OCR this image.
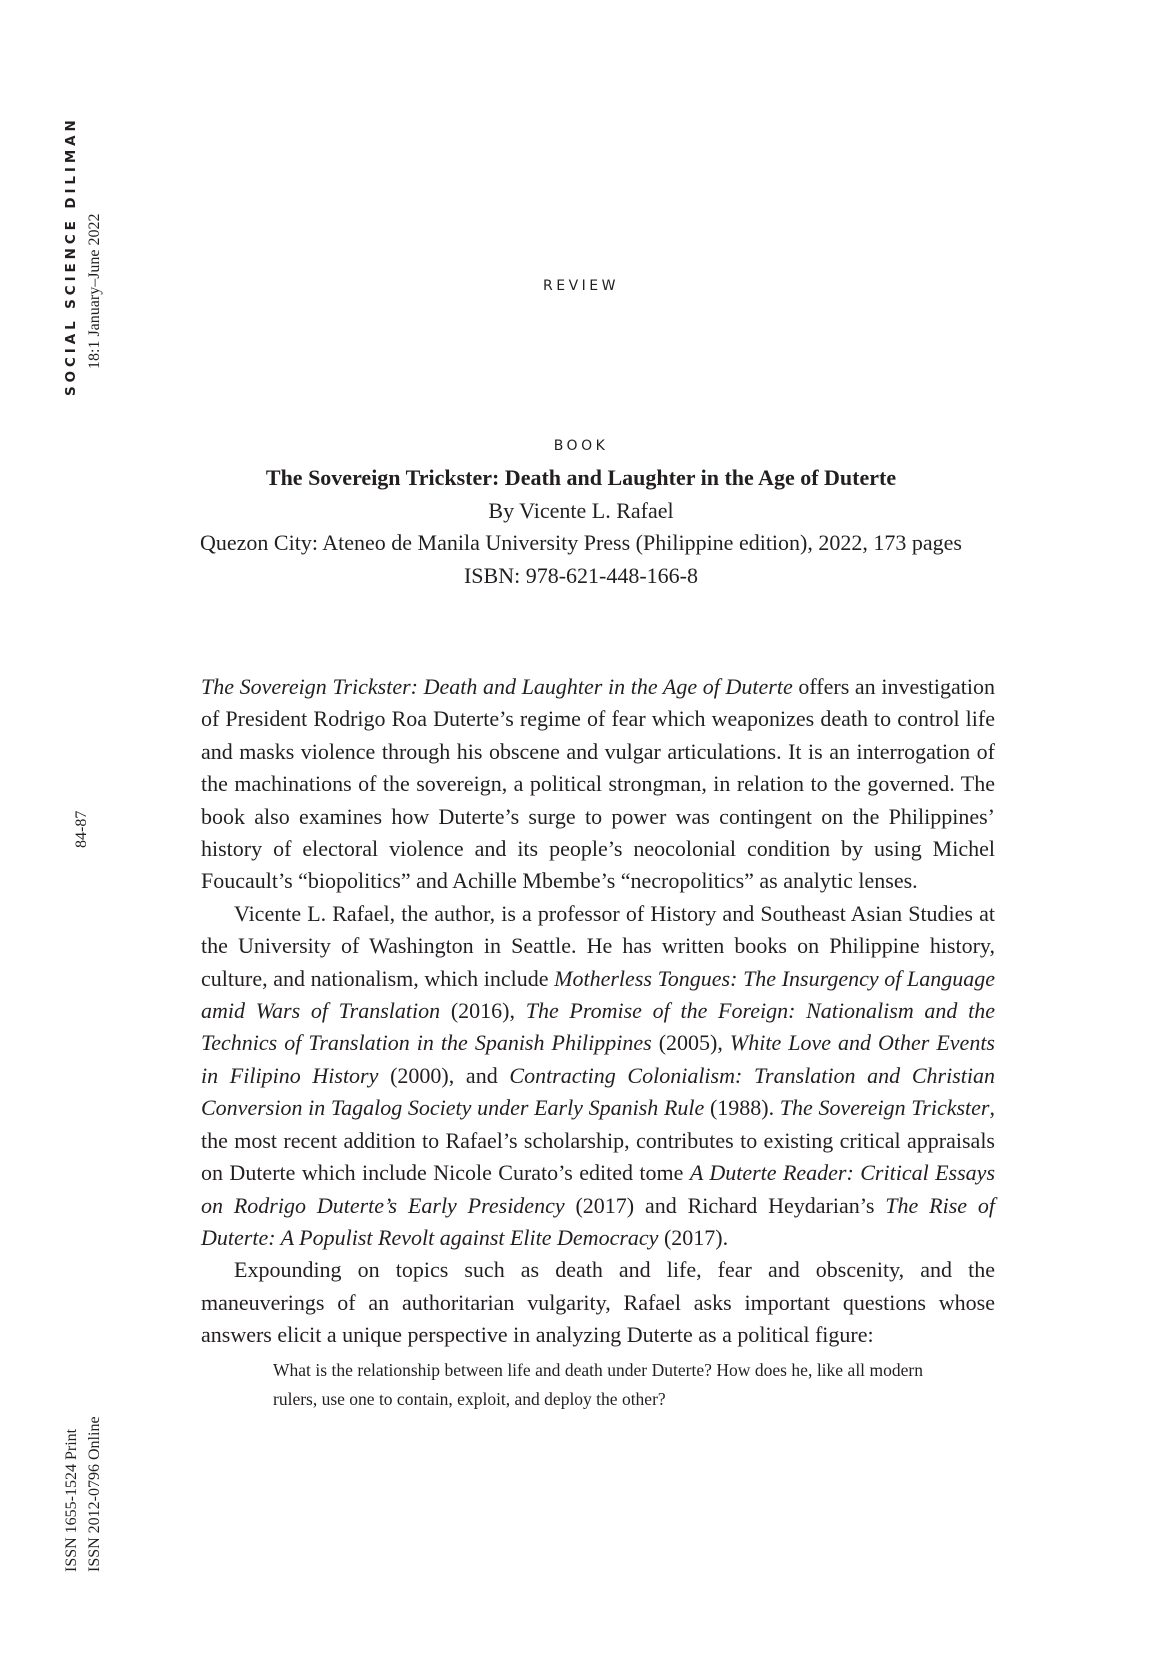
SOCIAL SCIENCE DILIMAN 18:1 January–June 2022
84-87
ISSN 1655-1524 Print ISSN 2012-0796 Online
REVIEW
BOOK
The Sovereign Trickster: Death and Laughter in the Age of Duterte
By Vicente L. Rafael
Quezon City: Ateneo de Manila University Press (Philippine edition), 2022, 173 pages
ISBN: 978-621-448-166-8

The Sovereign Trickster: Death and Laughter in the Age of Duterte offers an investigation of President Rodrigo Roa Duterte’s regime of fear which weaponizes death to control life and masks violence through his obscene and vulgar articulations. It is an interrogation of the machinations of the sovereign, a political strongman, in relation to the governed. The book also examines how Duterte’s surge to power was contingent on the Philippines’ history of electoral violence and its people’s neocolonial condition by using Michel Foucault’s “biopolitics” and Achille Mbembe’s “necropolitics” as analytic lenses.

Vicente L. Rafael, the author, is a professor of History and Southeast Asian Studies at the University of Washington in Seattle. He has written books on Philippine history, culture, and nationalism, which include Motherless Tongues: The Insurgency of Language amid Wars of Translation (2016), The Promise of the Foreign: Nationalism and the Technics of Translation in the Spanish Philippines (2005), White Love and Other Events in Filipino History (2000), and Contracting Colonialism: Translation and Christian Conversion in Tagalog Society under Early Spanish Rule (1988). The Sovereign Trickster, the most recent addition to Rafael’s scholarship, contributes to existing critical appraisals on Duterte which include Nicole Curato’s edited tome A Duterte Reader: Critical Essays on Rodrigo Duterte’s Early Presidency (2017) and Richard Heydarian’s The Rise of Duterte: A Populist Revolt against Elite Democracy (2017).

Expounding on topics such as death and life, fear and obscenity, and the maneuverings of an authoritarian vulgarity, Rafael asks important questions whose answers elicit a unique perspective in analyzing Duterte as a political figure:

What is the relationship between life and death under Duterte? How does he, like all modern rulers, use one to contain, exploit, and deploy the other?
